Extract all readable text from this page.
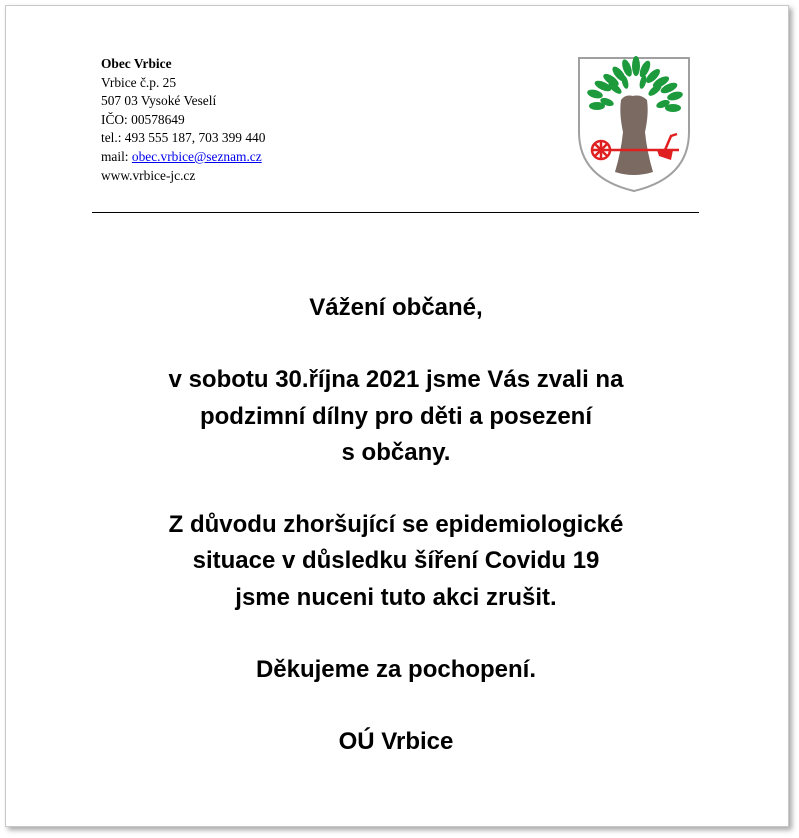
Obec Vrbice
Vrbice č.p. 25
507 03 Vysoké Veselí
IČO: 00578649
tel.: 493 555 187, 703 399 440
mail: obec.vrbice@seznam.cz
www.vrbice-jc.cz

Vážení občané,

v sobotu 30.října 2021 jsme Vás zvali na
podzimní dílny pro děti a posezení
s občany.

Z důvodu zhoršující se epidemiologické
situace v důsledku šíření Covidu 19
jsme nuceni tuto akci zrušit.

Děkujeme za pochopení.

OÚ Vrbice
